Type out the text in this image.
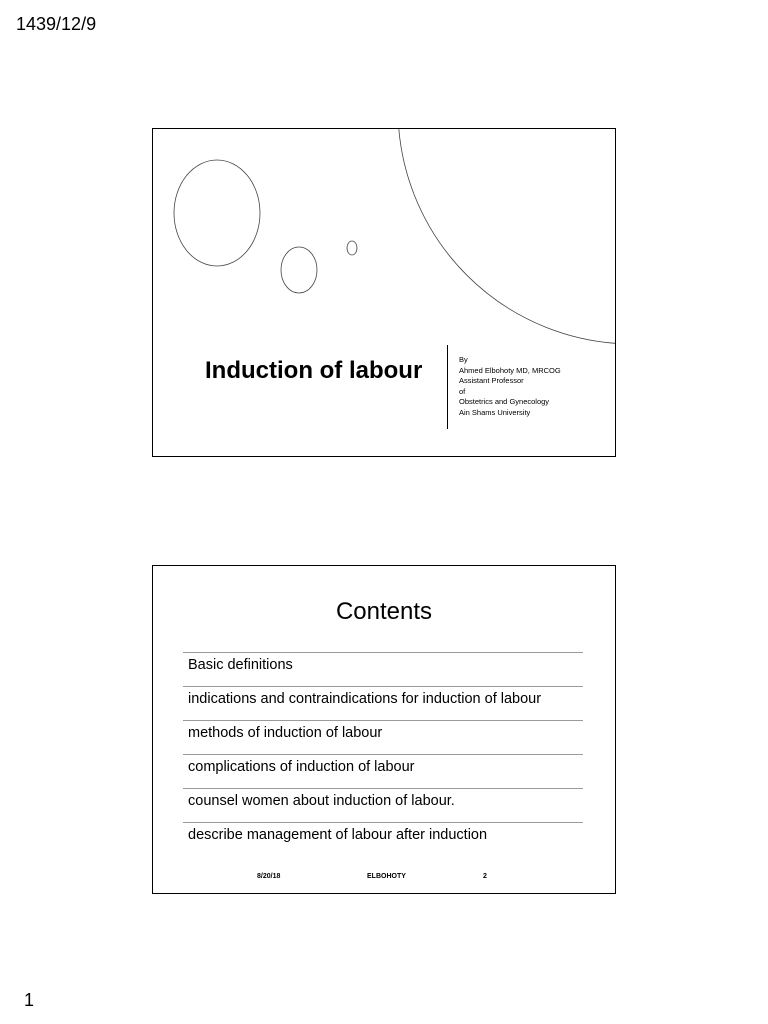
1439/12/9
Induction of labour	By
Ahmed Elbohoty MD, MRCOG
Assistant Professor
of
Obstetrics and Gynecology
Ain Shams University
Contents
Basic definitions
indications and contraindications for induction of labour
methods of induction of labour
complications of induction of labour
counsel women about induction of labour.
describe management of labour after induction
8/20/18	ELBOHOTY	2
1
